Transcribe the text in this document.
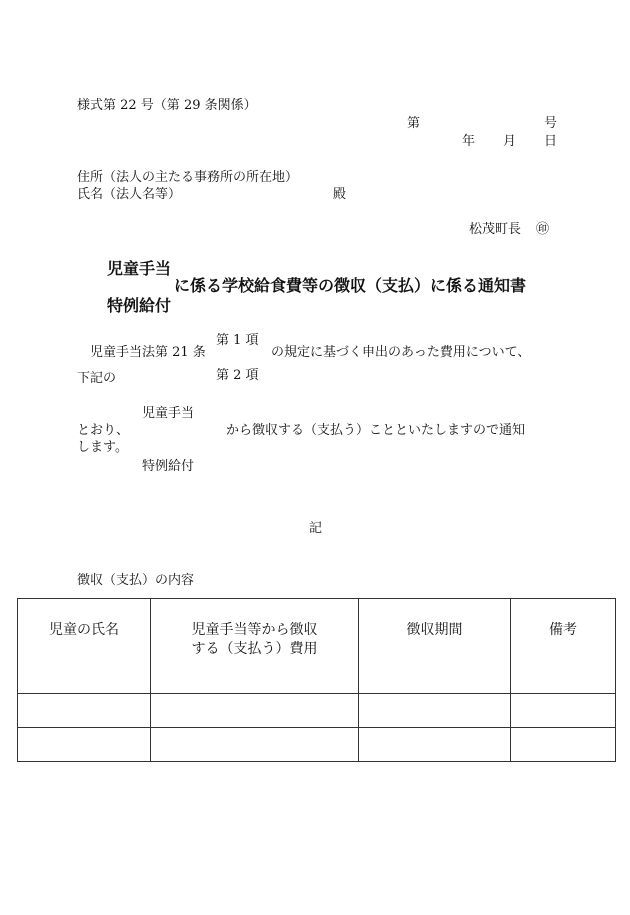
様式第 22 号（第 29 条関係）
第	号
年 月 日
住所（法人の主たる事務所の所在地）
氏名（法人名等）	殿
松茂町長 ㊞
児童手当
に係る学校給食費等の徴収（支払）に係る通知書
特例給付
第 1 項
児童手当法第 21 条	の規定に基づく申出のあった費用について、
第 2 項
下記の
児童手当
とおり、	から徴収する（支払う）ことといたしますので通知
します。
特例給付
記
徴収（支払）の内容
児童の氏名	児童手当等から徴収
する（支払う）費用	徴収期間	備考
